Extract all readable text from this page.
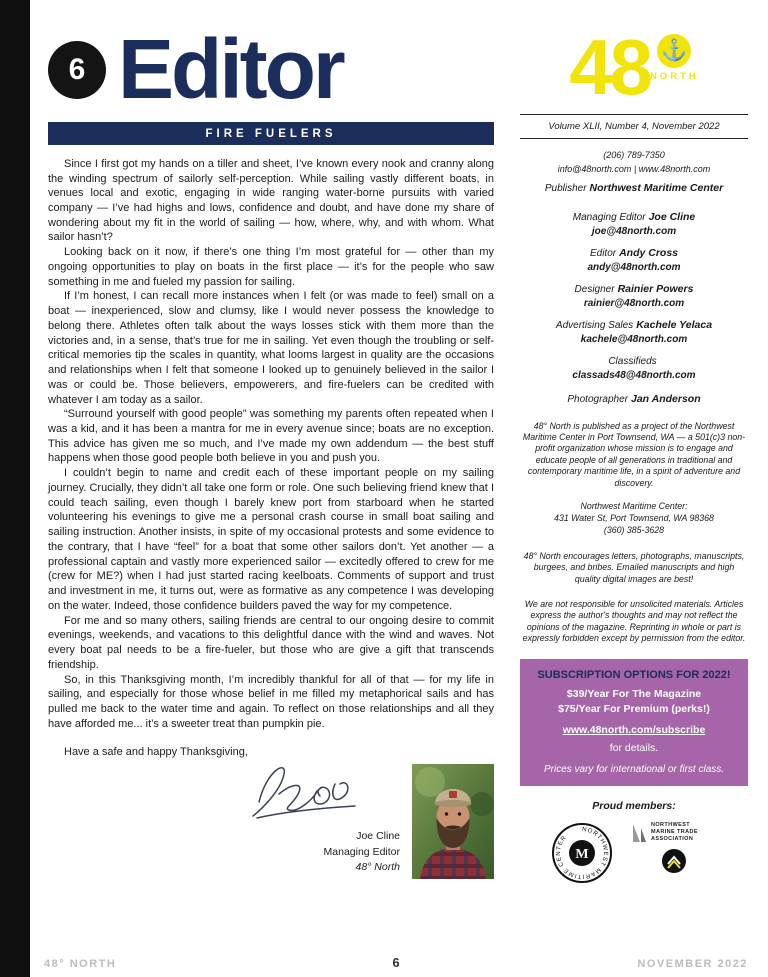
6 Editor
FIRE FUELERS

Since I first got my hands on a tiller and sheet, I’ve known every nook and cranny along the winding spectrum of sailorly self-perception. While sailing vastly different boats, in venues local and exotic, engaging in wide ranging water-borne pursuits with varied company — I’ve had highs and lows, confidence and doubt, and have done my share of wondering about my fit in the world of sailing — how, where, why, and with whom. What sailor hasn’t?

Looking back on it now, if there’s one thing I’m most grateful for — other than my ongoing opportunities to play on boats in the first place — it’s for the people who saw something in me and fueled my passion for sailing.

If I’m honest, I can recall more instances when I felt (or was made to feel) small on a boat — inexperienced, slow and clumsy, like I would never possess the knowledge to belong there. Athletes often talk about the ways losses stick with them more than the victories and, in a sense, that’s true for me in sailing. Yet even though the troubling or self-critical memories tip the scales in quantity, what looms largest in quality are the occasions and relationships when I felt that someone I looked up to genuinely believed in the sailor I was or could be. Those believers, empowerers, and fire-fuelers can be credited with whatever I am today as a sailor.

“Surround yourself with good people” was something my parents often repeated when I was a kid, and it has been a mantra for me in every avenue since; boats are no exception. This advice has given me so much, and I’ve made my own addendum — the best stuff happens when those good people both believe in you and push you.

I couldn’t begin to name and credit each of these important people on my sailing journey. Crucially, they didn’t all take one form or role. One such believing friend knew that I could teach sailing, even though I barely knew port from starboard when he started volunteering his evenings to give me a personal crash course in small boat sailing and sailing instruction. Another insists, in spite of my occasional protests and some evidence to the contrary, that I have “feel” for a boat that some other sailors don’t. Yet another — a professional captain and vastly more experienced sailor — excitedly offered to crew for me (crew for ME?) when I had just started racing keelboats. Comments of support and trust and investment in me, it turns out, were as formative as any competence I was developing on the water. Indeed, those confidence builders paved the way for my competence.

For me and so many others, sailing friends are central to our ongoing desire to commit evenings, weekends, and vacations to this delightful dance with the wind and waves. Not every boat pal needs to be a fire-fueler, but those who are give a gift that transcends friendship.

So, in this Thanksgiving month, I’m incredibly thankful for all of that — for my life in sailing, and especially for those whose belief in me filled my metaphorical sails and has pulled me back to the water time and again. To reflect on those relationships and all they have afforded me... it’s a sweeter treat than pumpkin pie.

Have a safe and happy Thanksgiving,

Joe Cline
Managing Editor
48° North
48 ⚓
NORTH
Volume XLII, Number 4, November 2022
(206) 789-7350
info@48north.com | www.48north.com
Publisher Northwest Maritime Center
Managing Editor Joe Cline
joe@48north.com
Editor Andy Cross
andy@48north.com
Designer Rainier Powers
rainier@48north.com
Advertising Sales Kachele Yelaca
kachele@48north.com
Classifieds
classads48@48north.com
Photographer Jan Anderson
48° North is published as a project of the Northwest Maritime Center in Port Townsend, WA — a 501(c)3 non-profit organization whose mission is to engage and educate people of all generations in traditional and contemporary maritime life, in a spirit of adventure and discovery.
Northwest Maritime Center:
431 Water St, Port Townsend, WA 98368
(360) 385-3628
48° North encourages letters, photographs, manuscripts, burgees, and bribes. Emailed manuscripts and high quality digital images are best!
We are not responsible for unsolicited materials. Articles express the author's thoughts and may not reflect the opinions of the magazine. Reprinting in whole or part is expressly forbidden except by permission from the editor.
SUBSCRIPTION OPTIONS FOR 2022!
$39/Year For The Magazine
$75/Year For Premium (perks!)
www.48north.com/subscribe
for details.
Prices vary for international or first class.
Proud members:
M
NORTHWEST MARITIME CENTER
NORTHWEST
MARINE TRADE
ASSOCIATION
48° NORTH	6	NOVEMBER 2022
